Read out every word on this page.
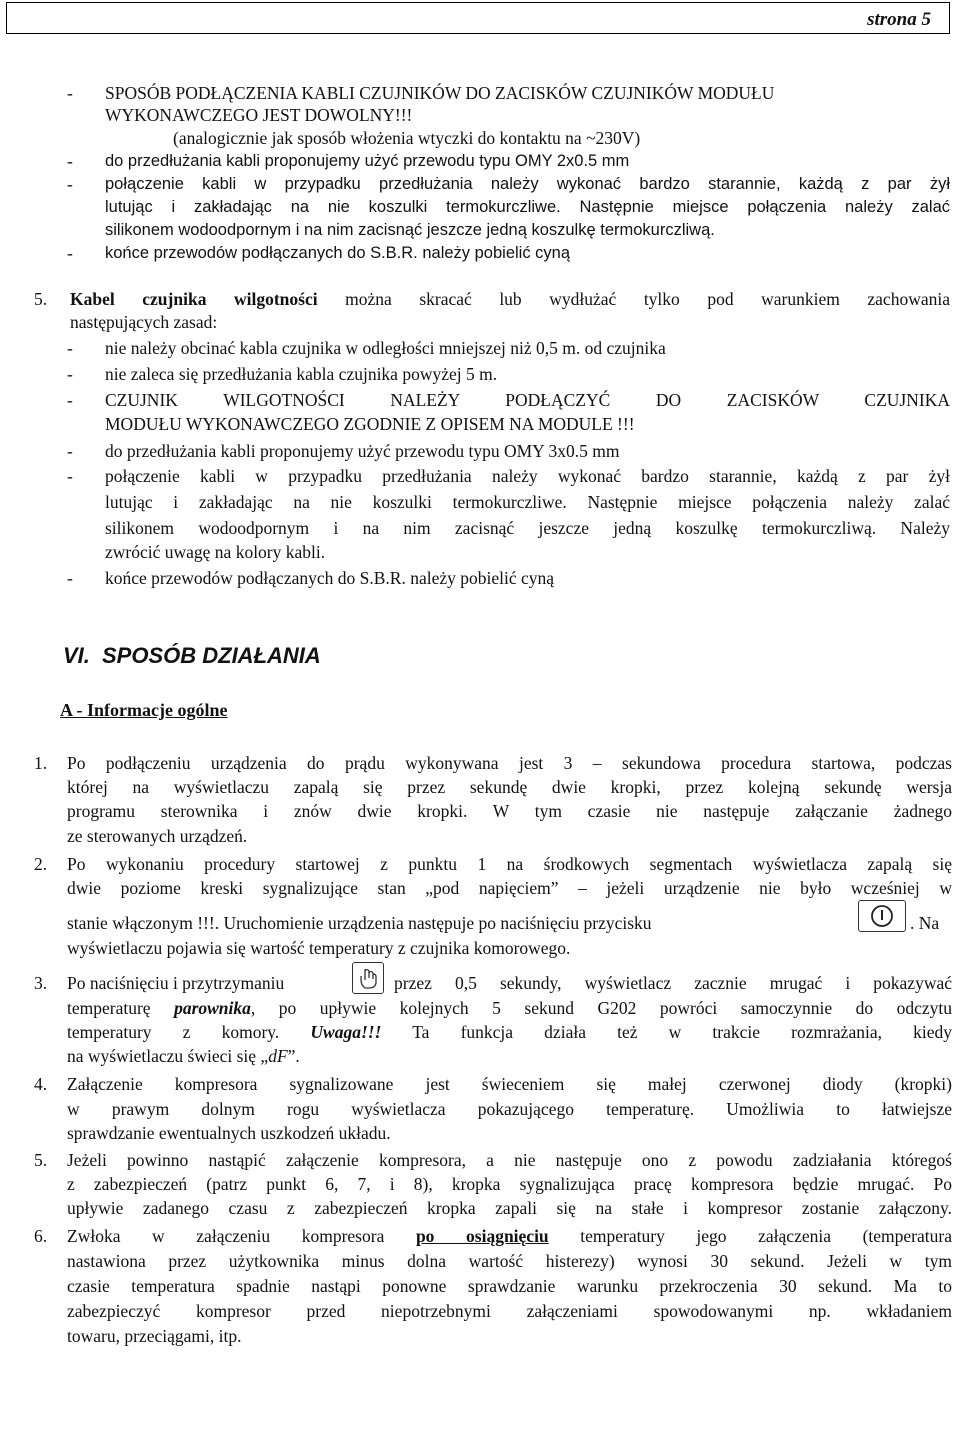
strona 5
- SPOSÓB PODŁĄCZENIA KABLI CZUJNIKÓW DO ZACISKÓW CZUJNIKÓW MODUŁU
WYKONAWCZEGO JEST DOWOLNY!!!
(analogicznie jak sposób włożenia wtyczki do kontaktu na ~230V)
- do przedłużania kabli proponujemy użyć przewodu typu OMY 2x0.5 mm
- połączenie kabli w przypadku przedłużania należy wykonać bardzo starannie, każdą z par żył
lutując i zakładając na nie koszulki termokurczliwe. Następnie miejsce połączenia należy zalać
silikonem wodoodpornym i na nim zacisnąć jeszcze jedną koszulkę termokurczliwą.
- końce przewodów podłączanych do S.B.R. należy pobielić cyną
5. Kabel czujnika wilgotności można skracać lub wydłużać tylko pod warunkiem zachowania
następujących zasad:
- nie należy obcinać kabla czujnika w odległości mniejszej niż 0,5 m. od czujnika
- nie zaleca się przedłużania kabla czujnika powyżej 5 m.
- CZUJNIK WILGOTNOŚCI NALEŻY PODŁĄCZYĆ DO ZACISKÓW CZUJNIKA
MODUŁU WYKONAWCZEGO ZGODNIE Z OPISEM NA MODULE !!!
- do przedłużania kabli proponujemy użyć przewodu typu OMY 3x0.5 mm
- połączenie kabli w przypadku przedłużania należy wykonać bardzo starannie, każdą z par żył
lutując i zakładając na nie koszulki termokurczliwe. Następnie miejsce połączenia należy zalać
silikonem wodoodpornym i na nim zacisnąć jeszcze jedną koszulkę termokurczliwą. Należy
zwrócić uwagę na kolory kabli.
- końce przewodów podłączanych do S.B.R. należy pobielić cyną
VI. SPOSÓB DZIAŁANIA
A - Informacje ogólne
1. Po podłączeniu urządzenia do prądu wykonywana jest 3 – sekundowa procedura startowa, podczas
której na wyświetlaczu zapalą się przez sekundę dwie kropki, przez kolejną sekundę wersja
programu sterownika i znów dwie kropki. W tym czasie nie następuje załączanie żadnego
ze sterowanych urządzeń.
2. Po wykonaniu procedury startowej z punktu 1 na środkowych segmentach wyświetlacza zapalą się
dwie poziome kreski sygnalizujące stan „pod napięciem” – jeżeli urządzenie nie było wcześniej w
stanie włączonym !!!. Uruchomienie urządzenia następuje po naciśnięciu przycisku	. Na
wyświetlaczu pojawia się wartość temperatury z czujnika komorowego.
3. Po naciśnięciu i przytrzymaniu	przez 0,5 sekundy, wyświetlacz zacznie mrugać i pokazywać
temperaturę parownika, po upływie kolejnych 5 sekund G202 powróci samoczynnie do odczytu
temperatury z komory. Uwaga!!! Ta funkcja działa też w trakcie rozmrażania, kiedy
na wyświetlaczu świeci się „dF”.
4. Załączenie kompresora sygnalizowane jest świeceniem się małej czerwonej diody (kropki)
w prawym dolnym rogu wyświetlacza pokazującego temperaturę. Umożliwia to łatwiejsze
sprawdzanie ewentualnych uszkodzeń układu.
5. Jeżeli powinno nastąpić załączenie kompresora, a nie następuje ono z powodu zadziałania któregoś
z zabezpieczeń (patrz punkt 6, 7, i 8), kropka sygnalizująca pracę kompresora będzie mrugać. Po
upływie zadanego czasu z zabezpieczeń kropka zapali się na stałe i kompresor zostanie załączony.
6. Zwłoka w załączeniu kompresora po osiągnięciu temperatury jego załączenia (temperatura
nastawiona przez użytkownika minus dolna wartość histerezy) wynosi 30 sekund. Jeżeli w tym
czasie temperatura spadnie nastąpi ponowne sprawdzanie warunku przekroczenia 30 sekund. Ma to
zabezpieczyć kompresor przed niepotrzebnymi załączeniami spowodowanymi np. wkładaniem
towaru, przeciągami, itp.
